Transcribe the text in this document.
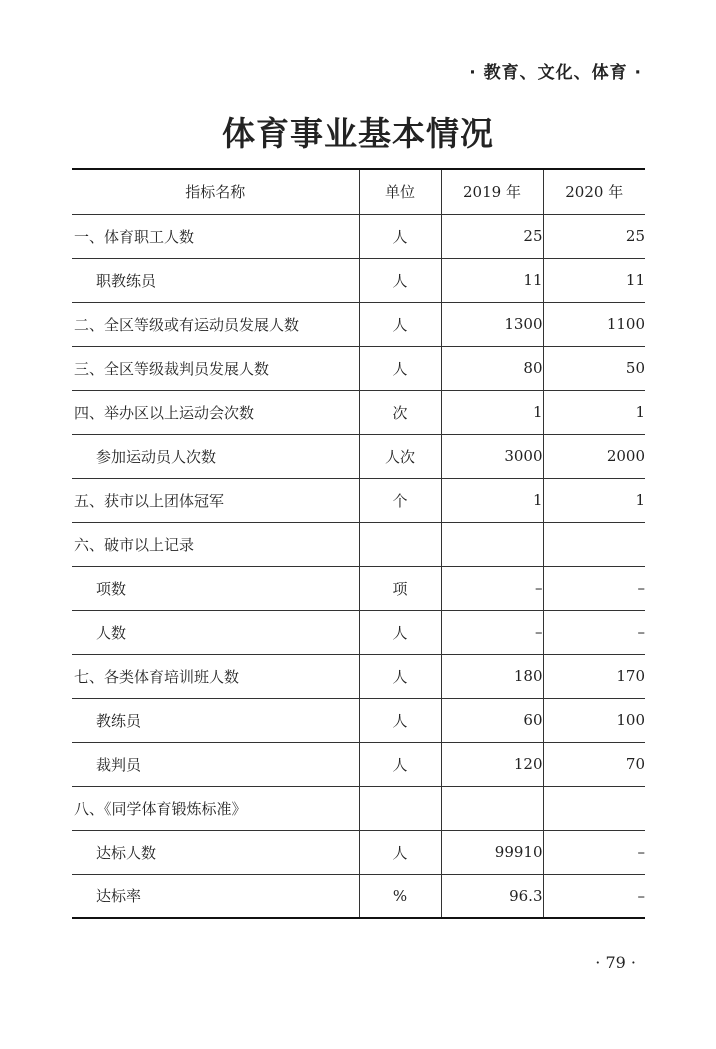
· 教育、文化、体育 ·
体育事业基本情况
指标名称	单位	2019 年	2020 年
一、体育职工人数	人	25	25
职教练员	人	11	11
二、全区等级或有运动员发展人数	人	1300	1100
三、全区等级裁判员发展人数	人	80	50
四、举办区以上运动会次数	次	1	1
参加运动员人次数	人次	3000	2000
五、获市以上团体冠军	个	1	1
六、破市以上记录			
项数	项	–	–
人数	人	–	–
七、各类体育培训班人数	人	180	170
教练员	人	60	100
裁判员	人	120	70
八、《同学体育锻炼标准》			
达标人数	人	99910	–
达标率	%	96.3	–
· 79 ·
